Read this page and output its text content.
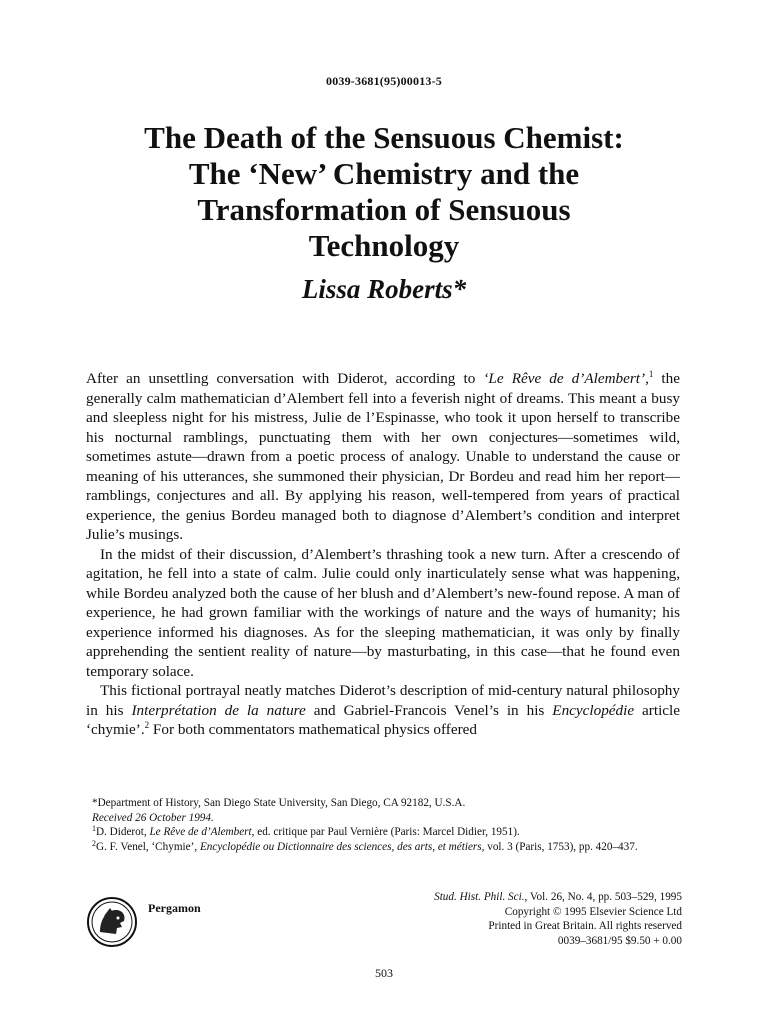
0039-3681(95)00013-5
The Death of the Sensuous Chemist:
The ‘New’ Chemistry and the
Transformation of Sensuous
Technology
Lissa Roberts*

After an unsettling conversation with Diderot, according to ‘Le Rêve de d’Alembert’,$^1$ the generally calm mathematician d’Alembert fell into a feverish night of dreams. This meant a busy and sleepless night for his mistress, Julie de l’Espinasse, who took it upon herself to transcribe his nocturnal ramblings, punctuating them with her own conjectures—sometimes wild, sometimes astute—drawn from a poetic process of analogy. Unable to understand the cause or meaning of his utterances, she summoned their physician, Dr Bordeu and read him her report—ramblings, conjectures and all. By applying his reason, well-tempered from years of practical experience, the genius Bordeu managed both to diagnose d’Alembert’s condition and interpret Julie’s musings.

In the midst of their discussion, d’Alembert’s thrashing took a new turn. After a crescendo of agitation, he fell into a state of calm. Julie could only inarticulately sense what was happening, while Bordeu analyzed both the cause of her blush and d’Alembert’s new-found repose. A man of experience, he had grown familiar with the workings of nature and the ways of humanity; his experience informed his diagnoses. As for the sleeping mathematician, it was only by finally apprehending the sentient reality of nature—by masturbating, in this case—that he found even temporary solace.

This fictional portrayal neatly matches Diderot’s description of mid-century natural philosophy in his Interprétation de la nature and Gabriel-Francois Venel’s in his Encyclopédie article ‘chymie’.$^2$ For both commentators mathematical physics offered

*Department of History, San Diego State University, San Diego, CA 92182, U.S.A.
Received 26 October 1994.
$^1$D. Diderot, Le Rêve de d’Alembert, ed. critique par Paul Vernière (Paris: Marcel Didier, 1951).
$^2$G. F. Venel, ‘Chymie’, Encyclopédie ou Dictionnaire des sciences, des arts, et métiers, vol. 3 (Paris, 1753), pp. 420–437.
Pergamon
Stud. Hist. Phil. Sci., Vol. 26, No. 4, pp. 503–529, 1995
Copyright © 1995 Elsevier Science Ltd
Printed in Great Britain. All rights reserved
0039–3681/95 $9.50 + 0.00
503
